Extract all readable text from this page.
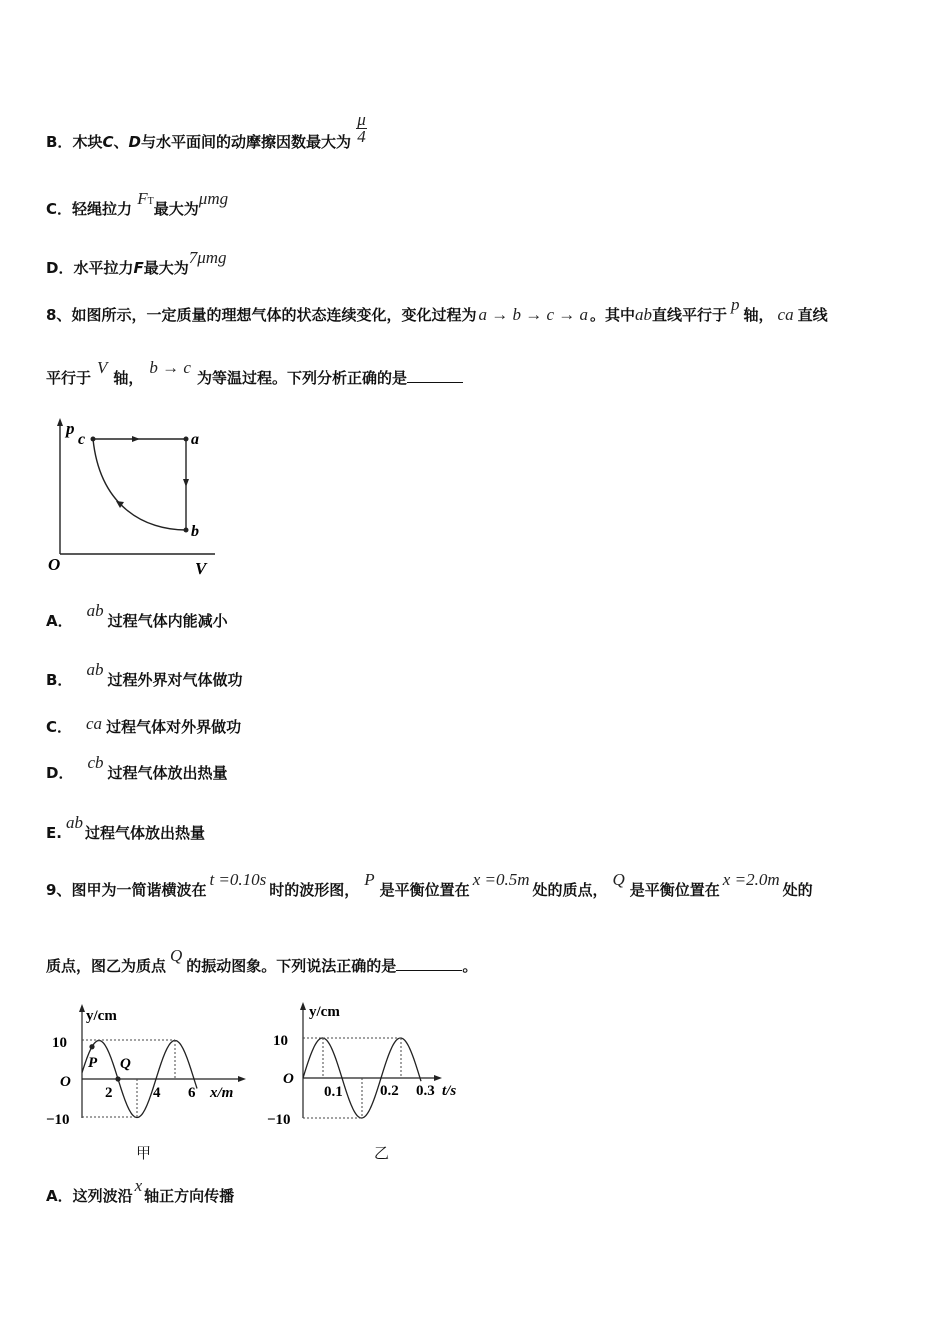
B．木块C、D与水平面间的动摩擦因数最大为 $\frac{\mu}{4}$
C．轻绳拉力 FT最大为μmg
D．水平拉力F最大为7μmg
8、如图所示，一定质量的理想气体的状态连续变化，变化过程为 a → b → c → a 。其中ab直线平行于p轴， ca 直线
平行于V轴，b → c为等温过程。下列分析正确的是
p
c	a
b
O	V
A．ab过程气体内能减小
B．ab过程外界对气体做功
C． ca 过程气体对外界做功
D．cb过程气体放出热量
E.ab过程气体放出热量
9、图甲为一简谐横波在t =0.10s时的波形图，P是平衡位置在x =0.5m处的质点，Q是平衡位置在x =2.0m处的
质点，图乙为质点Q的振动图象。下列说法正确的是	。
10
O
−10
y/cm
2	4 6 x/m
P Q
甲
10
O
−10
y/cm
0.1 0.2 0.3 t/s
乙
A．这列波沿x轴正方向传播
